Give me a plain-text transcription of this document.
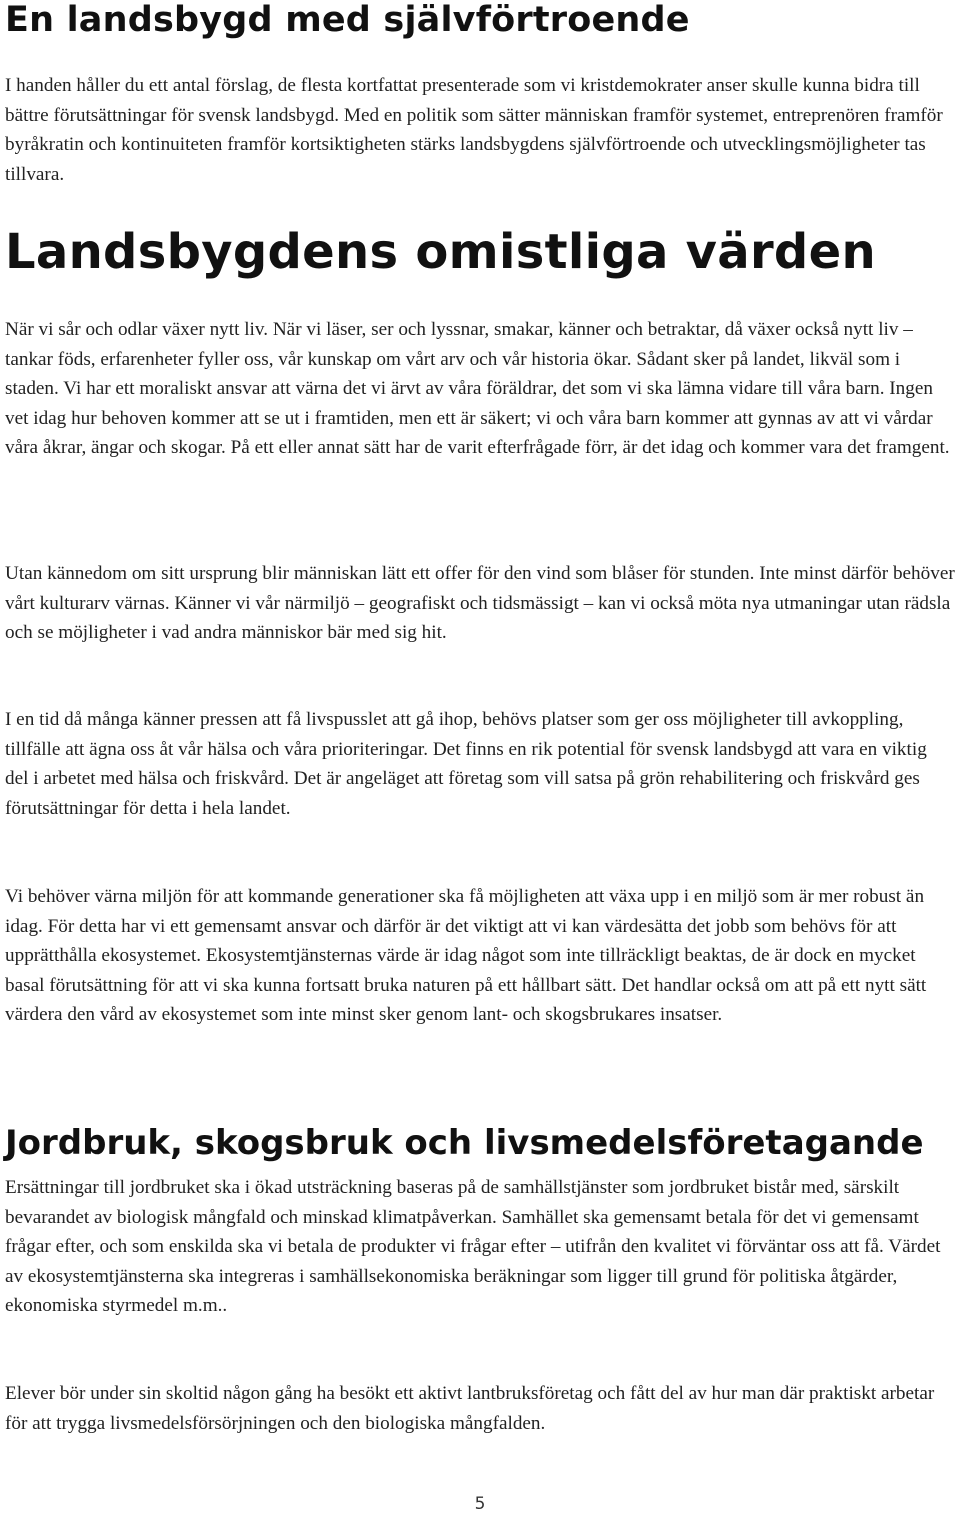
En landsbygd med självförtroende

I handen håller du ett antal förslag, de flesta kortfattat presenterade som vi kristdemokrater anser skulle kunna bidra till bättre förutsättningar för svensk landsbygd. Med en politik som sätter människan framför systemet, entreprenören framför byråkratin och kontinuiteten framför kortsiktigheten stärks landsbygdens självförtroende och utvecklingsmöjligheter tas tillvara.

Landsbygdens omistliga värden

När vi sår och odlar växer nytt liv. När vi läser, ser och lyssnar, smakar, känner och betraktar, då växer också nytt liv – tankar föds, erfarenheter fyller oss, vår kunskap om vårt arv och vår historia ökar. Sådant sker på landet, likväl som i staden. Vi har ett moraliskt ansvar att värna det vi ärvt av våra föräldrar, det som vi ska lämna vidare till våra barn. Ingen vet idag hur behoven kommer att se ut i framtiden, men ett är säkert; vi och våra barn kommer att gynnas av att vi vårdar våra åkrar, ängar och skogar. På ett eller annat sätt har de varit efterfrågade förr, är det idag och kommer vara det framgent.

Utan kännedom om sitt ursprung blir människan lätt ett offer för den vind som blåser för stunden. Inte minst därför behöver vårt kulturarv värnas. Känner vi vår närmiljö – geografiskt och tidsmässigt – kan vi också möta nya utmaningar utan rädsla och se möjligheter i vad andra människor bär med sig hit.

I en tid då många känner pressen att få livspusslet att gå ihop, behövs platser som ger oss möjligheter till avkoppling, tillfälle att ägna oss åt vår hälsa och våra prioriteringar. Det finns en rik potential för svensk landsbygd att vara en viktig del i arbetet med hälsa och friskvård. Det är angeläget att företag som vill satsa på grön rehabilitering och friskvård ges förutsättningar för detta i hela landet.

Vi behöver värna miljön för att kommande generationer ska få möjligheten att växa upp i en miljö som är mer robust än idag. För detta har vi ett gemensamt ansvar och därför är det viktigt att vi kan värdesätta det jobb som behövs för att upprätthålla ekosystemet. Ekosystemtjänsternas värde är idag något som inte tillräckligt beaktas, de är dock en mycket basal förutsättning för att vi ska kunna fortsatt bruka naturen på ett hållbart sätt. Det handlar också om att på ett nytt sätt värdera den vård av ekosystemet som inte minst sker genom lant- och skogsbrukares insatser.

Jordbruk, skogsbruk och livsmedelsföretagande

Ersättningar till jordbruket ska i ökad utsträckning baseras på de samhällstjänster som jordbruket bistår med, särskilt bevarandet av biologisk mångfald och minskad klimatpåverkan. Samhället ska gemensamt betala för det vi gemensamt frågar efter, och som enskilda ska vi betala de produkter vi frågar efter – utifrån den kvalitet vi förväntar oss att få. Värdet av ekosystemtjänsterna ska integreras i samhällsekonomiska beräkningar som ligger till grund för politiska åtgärder, ekonomiska styrmedel m.m..

Elever bör under sin skoltid någon gång ha besökt ett aktivt lantbruksföretag och fått del av hur man där praktiskt arbetar för att trygga livsmedelsförsörjningen och den biologiska mångfalden.

5
